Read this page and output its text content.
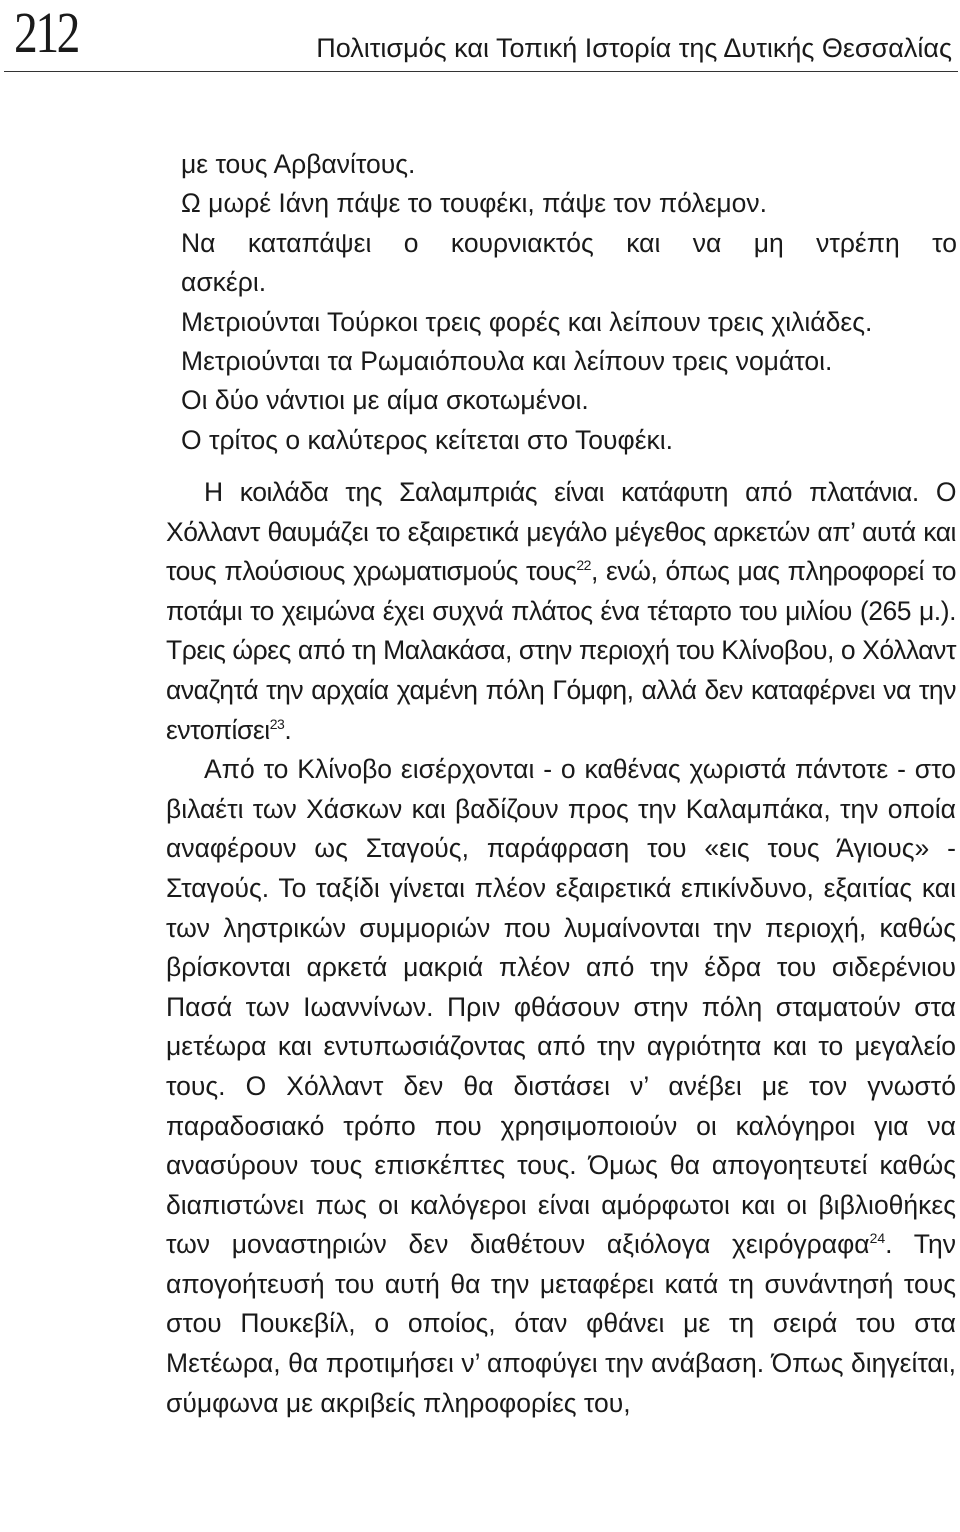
212	Πολιτισμός και Τοπική Ιστορία της Δυτικής Θεσσαλίας
με τους Αρβανίτους.
Ω μωρέ Ιάνη πάψε το τουφέκι, πάψε τον πόλεμον.
Να καταπάψει ο κουρνιακτός και να μη ντρέπη το
ασκέρι.
Μετριούνται Τούρκοι τρεις φορές και λείπουν τρεις χιλιάδες.
Μετριούνται τα Ρωμαιόπουλα και λείπουν τρεις νομάτοι.
Οι δύο νάντιοι με αίμα σκοτωμένοι.
Ο τρίτος ο καλύτερος κείτεται στο Τουφέκι.

Η κοιλάδα της Σαλαμπριάς είναι κατάφυτη από πλατάνια. Ο Χόλλαντ θαυμάζει το εξαιρετικά μεγάλο μέγεθος αρκετών απ’ αυτά και τους πλούσιους χρωματισμούς τους$^{22}$, ενώ, όπως μας πληροφορεί το ποτάμι το χειμώνα έχει συχνά πλάτος ένα τέταρτο του μιλίου (265 μ.). Τρεις ώρες από τη Μαλακάσα, στην περιοχή του Κλίνοβου, ο Χόλλαντ αναζητά την αρχαία χαμένη πόλη Γόμφη, αλλά δεν καταφέρνει να την εντοπίσει$^{23}$.

Από το Κλίνοβο εισέρχονται - ο καθένας χωριστά πάντοτε - στο βιλαέτι των Χάσκων και βαδίζουν προς την Καλαμπάκα, την οποία αναφέρουν ως Σταγούς, παράφραση του «εις τους Άγιους» - Σταγούς. Το ταξίδι γίνεται πλέον εξαιρετικά επικίνδυνο, εξαιτίας και των ληστρικών συμμοριών που λυμαίνονται την περιοχή, καθώς βρίσκονται αρκετά μακριά πλέον από την έδρα του σιδερένιου Πασά των Ιωαννίνων. Πριν φθάσουν στην πόλη σταματούν στα μετέωρα και εντυπωσιάζοντας από την αγριότητα και το μεγαλείο τους. Ο Χόλλαντ δεν θα διστάσει ν’ ανέβει με τον γνωστό παραδοσιακό τρόπο που χρησιμοποιούν οι καλόγηροι για να ανασύρουν τους επισκέπτες τους. Όμως θα απογοητευτεί καθώς διαπιστώνει πως οι καλόγεροι είναι αμόρφωτοι και οι βιβλιοθήκες των μοναστηριών δεν διαθέτουν αξιόλογα χειρόγραφα$^{24}$. Την απογοήτευσή του αυτή θα την μεταφέρει κατά τη συνάντησή τους στου Πουκεβίλ, ο οποίος, όταν φθάνει με τη σειρά του στα Μετέωρα, θα προτιμήσει ν’ αποφύγει την ανάβαση. Όπως διηγείται, σύμφωνα με ακριβείς πληροφορίες του,
